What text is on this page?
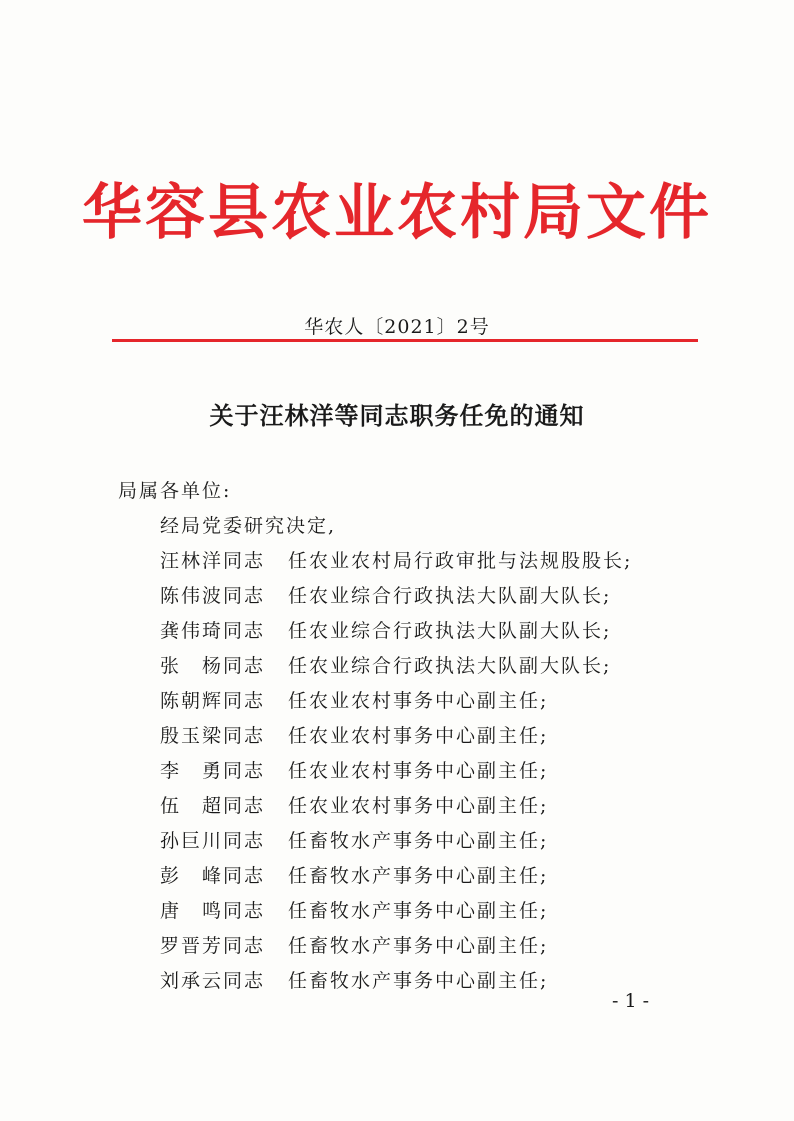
华容县农业农村局文件
华农人〔2021〕2号
关于汪林洋等同志职务任免的通知
局属各单位:
经局党委研究决定,
汪林洋同志	任农业农村局行政审批与法规股股长;
陈伟波同志	任农业综合行政执法大队副大队长;
龚伟琦同志	任农业综合行政执法大队副大队长;
张　杨同志	任农业综合行政执法大队副大队长;
陈朝辉同志	任农业农村事务中心副主任;
殷玉梁同志	任农业农村事务中心副主任;
李　勇同志	任农业农村事务中心副主任;
伍　超同志	任农业农村事务中心副主任;
孙巨川同志	任畜牧水产事务中心副主任;
彭　峰同志	任畜牧水产事务中心副主任;
唐　鸣同志	任畜牧水产事务中心副主任;
罗晋芳同志	任畜牧水产事务中心副主任;
刘承云同志	任畜牧水产事务中心副主任;
- 1 -
